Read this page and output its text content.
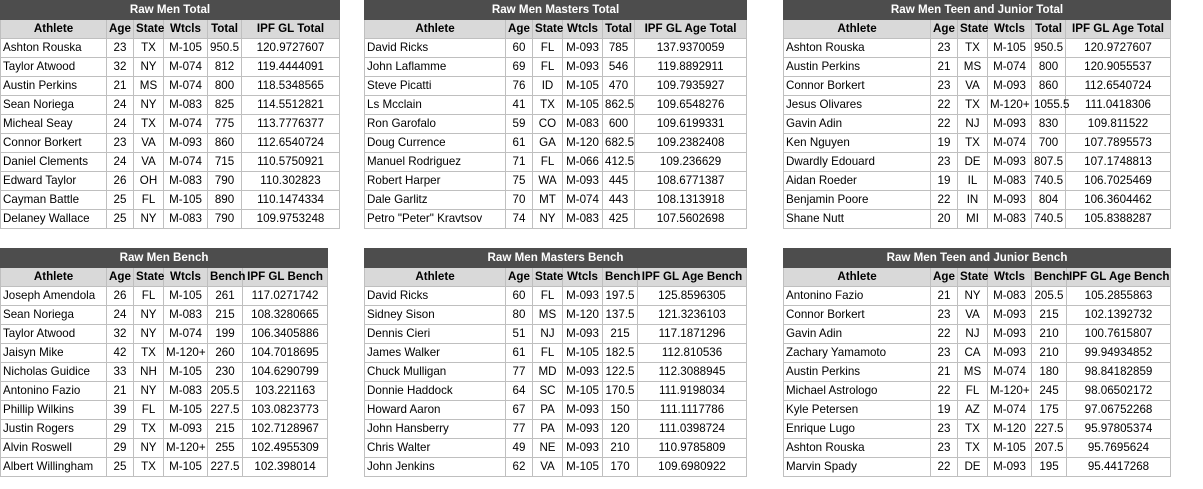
Raw Men Total					
Athlete	Age	State	Wtcls	Total	IPF GL Total
Ashton Rouska	23	TX	M-105	950.5	120.9727607
Taylor Atwood	32	NY	M-074	812	119.4444091
Austin Perkins	21	MS	M-074	800	118.5348565
Sean Noriega	24	NY	M-083	825	114.5512821
Micheal Seay	24	TX	M-074	775	113.7776377
Connor Borkert	23	VA	M-093	860	112.6540724
Daniel Clements	24	VA	M-074	715	110.5750921
Edward Taylor	26	OH	M-083	790	110.302823
Cayman Battle	25	FL	M-105	890	110.1474334
Delaney Wallace	25	NY	M-083	790	109.9753248
Raw Men Masters Total					
Athlete	Age	State	Wtcls	Total	IPF GL Age Total
David Ricks	60	FL	M-093	785	137.9370059
John Laflamme	69	FL	M-093	546	119.8892911
Steve Picatti	76	ID	M-105	470	109.7935927
Ls Mcclain	41	TX	M-105	862.5	109.6548276
Ron Garofalo	59	CO	M-083	600	109.6199331
Doug Currence	61	GA	M-120	682.5	109.2382408
Manuel Rodriguez	71	FL	M-066	412.5	109.236629
Robert Harper	75	WA	M-093	445	108.6771387
Dale Garlitz	70	MT	M-074	443	108.1313918
Petro "Peter" Kravtsov	74	NY	M-083	425	107.5602698
Raw Men Teen and Junior Total					
Athlete	Age	State	Wtcls	Total	IPF GL Age Total
Ashton Rouska	23	TX	M-105	950.5	120.9727607
Austin Perkins	21	MS	M-074	800	120.9055537
Connor Borkert	23	VA	M-093	860	112.6540724
Jesus Olivares	22	TX	M-120+	1055.5	111.0418306
Gavin Adin	22	NJ	M-093	830	109.811522
Ken Nguyen	19	TX	M-074	700	107.7895573
Dwardly Edouard	23	DE	M-093	807.5	107.1748813
Aidan Roeder	19	IL	M-083	740.5	106.7025469
Benjamin Poore	22	IN	M-093	804	106.3604462
Shane Nutt	20	MI	M-083	740.5	105.8388287
Raw Men Bench					
Athlete	Age	State	Wtcls	Bench	IPF GL Bench
Joseph Amendola	26	FL	M-105	261	117.0271742
Sean Noriega	24	NY	M-083	215	108.3280665
Taylor Atwood	32	NY	M-074	199	106.3405886
Jaisyn Mike	42	TX	M-120+	260	104.7018695
Nicholas Guidice	33	NH	M-105	230	104.6290799
Antonino Fazio	21	NY	M-083	205.5	103.221163
Phillip Wilkins	39	FL	M-105	227.5	103.0823773
Justin Rogers	29	TX	M-093	215	102.7128967
Alvin Roswell	29	NY	M-120+	255	102.4955309
Albert Willingham	25	TX	M-105	227.5	102.398014
Raw Men Masters Bench					
Athlete	Age	State	Wtcls	Bench	IPF GL Age Bench
David Ricks	60	FL	M-093	197.5	125.8596305
Sidney Sison	80	MS	M-120	137.5	121.3236103
Dennis Cieri	51	NJ	M-093	215	117.1871296
James Walker	61	FL	M-105	182.5	112.810536
Chuck Mulligan	77	MD	M-093	122.5	112.3088945
Donnie Haddock	64	SC	M-105	170.5	111.9198034
Howard Aaron	67	PA	M-093	150	111.1117786
John Hansberry	77	PA	M-093	120	111.0398724
Chris Walter	49	NE	M-093	210	110.9785809
John Jenkins	62	VA	M-105	170	109.6980922
Raw Men Teen and Junior Bench					
Athlete	Age	State	Wtcls	Bench	IPF GL Age Bench
Antonino Fazio	21	NY	M-083	205.5	105.2855863
Connor Borkert	23	VA	M-093	215	102.1392732
Gavin Adin	22	NJ	M-093	210	100.7615807
Zachary Yamamoto	23	CA	M-093	210	99.94934852
Austin Perkins	21	MS	M-074	180	98.84182859
Michael Astrologo	22	FL	M-120+	245	98.06502172
Kyle Petersen	19	AZ	M-074	175	97.06752268
Enrique Lugo	23	TX	M-120	227.5	95.97805374
Ashton Rouska	23	TX	M-105	207.5	95.7695624
Marvin Spady	22	DE	M-093	195	95.4417268
